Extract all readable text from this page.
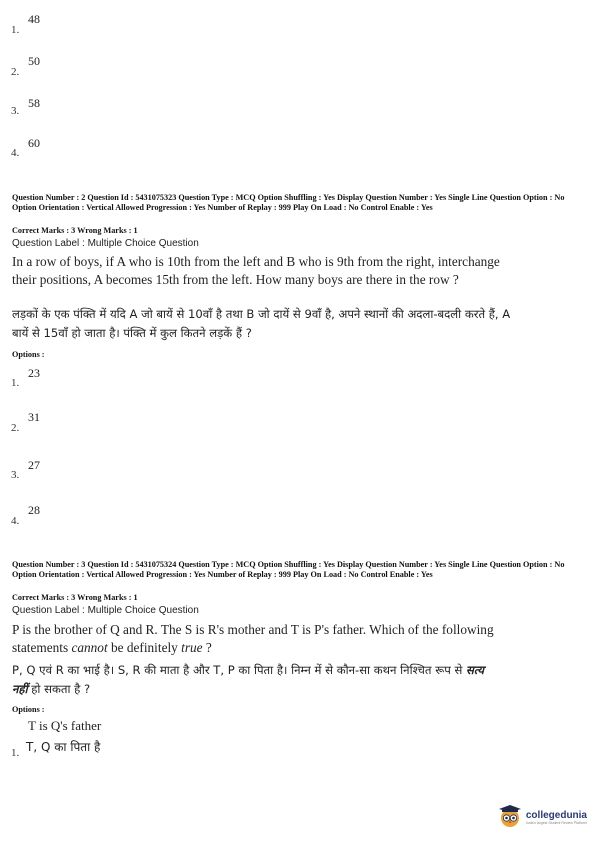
1.
48
2.
50
3.
58
4.
60
Question Number : 2 Question Id : 5431075323 Question Type : MCQ Option Shuffling : Yes Display Question Number : Yes Single Line Question Option : No Option Orientation : Vertical Allowed Progression : Yes Number of Replay : 999 Play On Load : No Control Enable : Yes
Correct Marks : 3 Wrong Marks : 1
Question Label : Multiple Choice Question
In a row of boys, if A who is 10th from the left and B who is 9th from the right, interchange their positions, A becomes 15th from the left. How many boys are there in the row ?
लड़कों के एक पंक्ति में यदि A जो बायें से 10वाँ है तथा B जो दायें से 9वाँ है, अपने स्थानों की अदला-बदली करते हैं, A बायें से 15वाँ हो जाता है। पंक्ति में कुल कितने लड़कें हैं ?
Options :
1.
23
2.
31
3.
27
4.
28
Question Number : 3 Question Id : 5431075324 Question Type : MCQ Option Shuffling : Yes Display Question Number : Yes Single Line Question Option : No Option Orientation : Vertical Allowed Progression : Yes Number of Replay : 999 Play On Load : No Control Enable : Yes
Correct Marks : 3 Wrong Marks : 1
Question Label : Multiple Choice Question
P is the brother of Q and R. The S is R's mother and T is P's father. Which of the following statements cannot be definitely true ?
P, Q एवं R का भाई है। S, R की माता है और T, P का पिता है। निम्न में से कौन-सा कथन निश्चित रूप से सत्य नहीं हो सकता है ?
Options :
T is Q's father
1. T, Q का पिता है
collegedunia
India's largest Student Review Platform
